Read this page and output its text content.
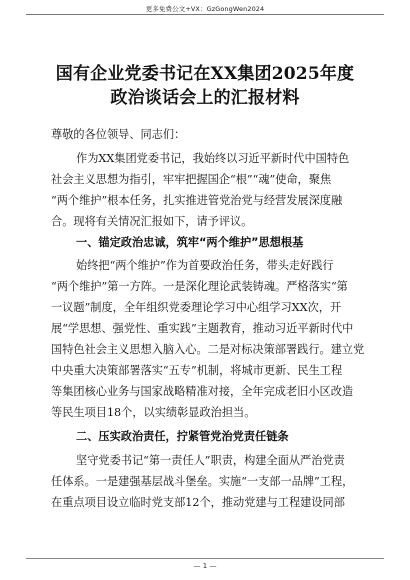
更多免费公文+VX：GzGongWen2024
国有企业党委书记在XX集团2025年度
政治谈话会上的汇报材料
尊敬的各位领导、同志们：
作为XX集团党委书记，我始终以习近平新时代中国特色
社会主义思想为指引，牢牢把握国企“根”“魂”使命，聚焦
“两个维护”根本任务，扎实推进管党治党与经营发展深度融
合。现将有关情况汇报如下，请予评议。
一、锚定政治忠诚，筑牢“两个维护”思想根基
始终把“两个维护”作为首要政治任务，带头走好践行
“两个维护”第一方阵。一是深化理论武装铸魂。严格落实“第
一议题”制度，全年组织党委理论学习中心组学习XX次，开
展“学思想、强党性、重实践”主题教育，推动习近平新时代中
国特色社会主义思想入脑入心。二是对标决策部署践行。建立党
中央重大决策部署落实“五专”机制，将城市更新、民生工程
等集团核心业务与国家战略精准对接，全年完成老旧小区改造
等民生项目18个，以实绩彰显政治担当。
二、压实政治责任，拧紧管党治党责任链条
坚守党委书记“第一责任人”职责，构建全面从严治党责
任体系。一是建强基层战斗堡垒。实施“一支部一品牌”工程，
在重点项目设立临时党支部12个，推动党建与工程建设同部
— 1 —
